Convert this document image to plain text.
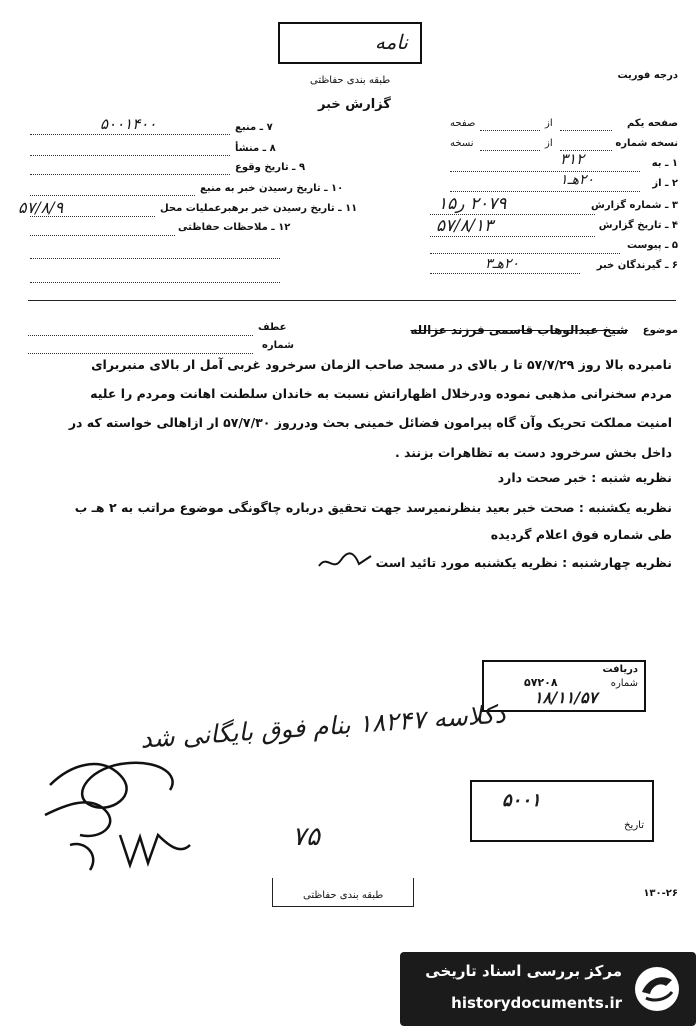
نامه
طبقه بندی حفاظتی	درجه فوریت
گزارش خبر
صفحه یکم
از
صفحه
نسخه شماره
از
نسخه
۱ ـ به
۳۱۲
۲ ـ از
۲۰هـ۱
۳ ـ شماره گزارش
۲۰۷۹ ر۱۵
۴ ـ تاریخ گزارش
۵۷/۸/۱۳
۵ ـ پیوست
۶ ـ گیرندگان خبر
۲۰هـ۳
۷ ـ منبع
۵۰۰۱۴۰۰
۸ ـ منشأ
۹ ـ تاریخ وقوع
۱۰ ـ تاریخ رسیدن خبر به منبع
۱۱ ـ تاریخ رسیدن خبر برهبرعملیات محل
۵۷/۸/۹
۱۲ ـ ملاحظات حفاظتی
عطف
شماره
موضوع
شیخ عبدالوهاب قاسمی فرزند عزالله
نامبرده بالا روز ۵۷/۷/۲۹ تا ر بالای در مسجد صاحب الزمان سرخرود غربی آمل ار بالای منبربرای
مردم سخنرانی مذهبی نموده ودرخلال اظهاراتش نسبت به خاندان سلطنت اهانت ومردم را علیه
امنیت مملکت تحریک وآن گاه پیرامون فضائل خمینی بحث ودرروز ۵۷/۷/۳۰ ار ازاهالی خواسته که در
داخل بخش سرخرود دست به تظاهرات بزنند .
نظریه شنبه : خبر صحت دارد
نظریه یکشنبه : صحت خبر بعید بنظرنمیرسد جهت تحقیق درباره چاگونگی موضوع مراتب به ۲ هـ ب
طی شماره فوق اعلام گردیده
نظریه چهارشنبه : نظریه یکشنبه مورد تائید است
دریافت
شماره
۵۷۲۰۸
۱۸/۱۱/۵۷
دکلاسه ۱۸۲۴۷ بنام فوق بایگانی شد
۷۵
۵۰۰۱
تاریخ
طبقه بندی حفاظتی	۱۳۰-۲۶
مرکز بررسی اسناد تاریخی
historydocuments.ir
